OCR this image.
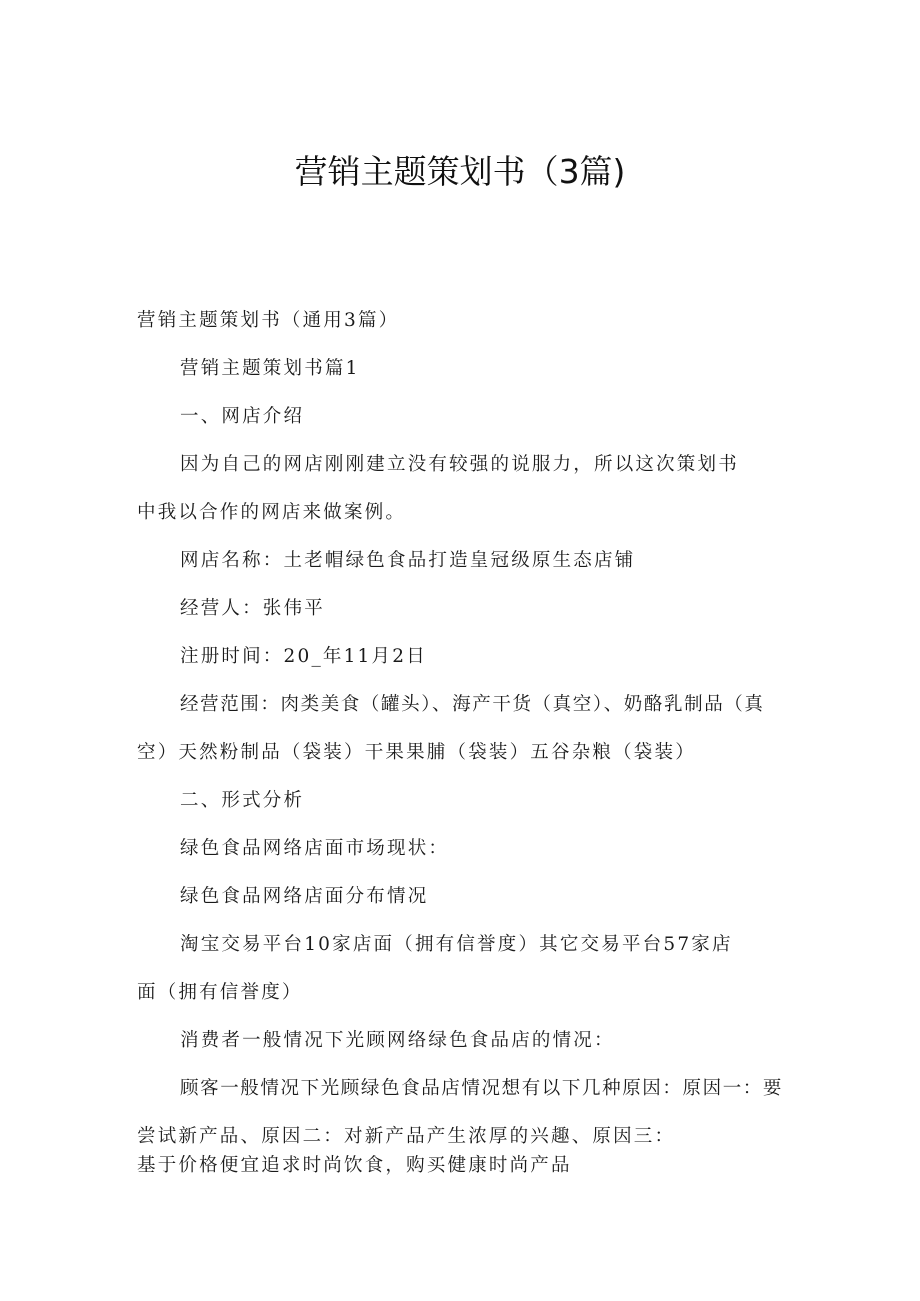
营销主题策划书（3篇)
营销主题策划书（通用3篇）
营销主题策划书篇1
一、网店介绍
因为自己的网店刚刚建立没有较强的说服力，所以这次策划书
中我以合作的网店来做案例。
网店名称：土老帽绿色食品打造皇冠级原生态店铺
经营人：张伟平
注册时间：20_年11月2日
经营范围：肉类美食（罐头）、海产干货（真空）、奶酪乳制品（真
空）天然粉制品（袋装）干果果脯（袋装）五谷杂粮（袋装）
二、形式分析
绿色食品网络店面市场现状：
绿色食品网络店面分布情况
淘宝交易平台10家店面（拥有信誉度）其它交易平台57家店
面（拥有信誉度）
消费者一般情况下光顾网络绿色食品店的情况：
顾客一般情况下光顾绿色食品店情况想有以下几种原因：原因一：要
尝试新产品、原因二：对新产品产生浓厚的兴趣、原因三：
基于价格便宜追求时尚饮食，购买健康时尚产品
